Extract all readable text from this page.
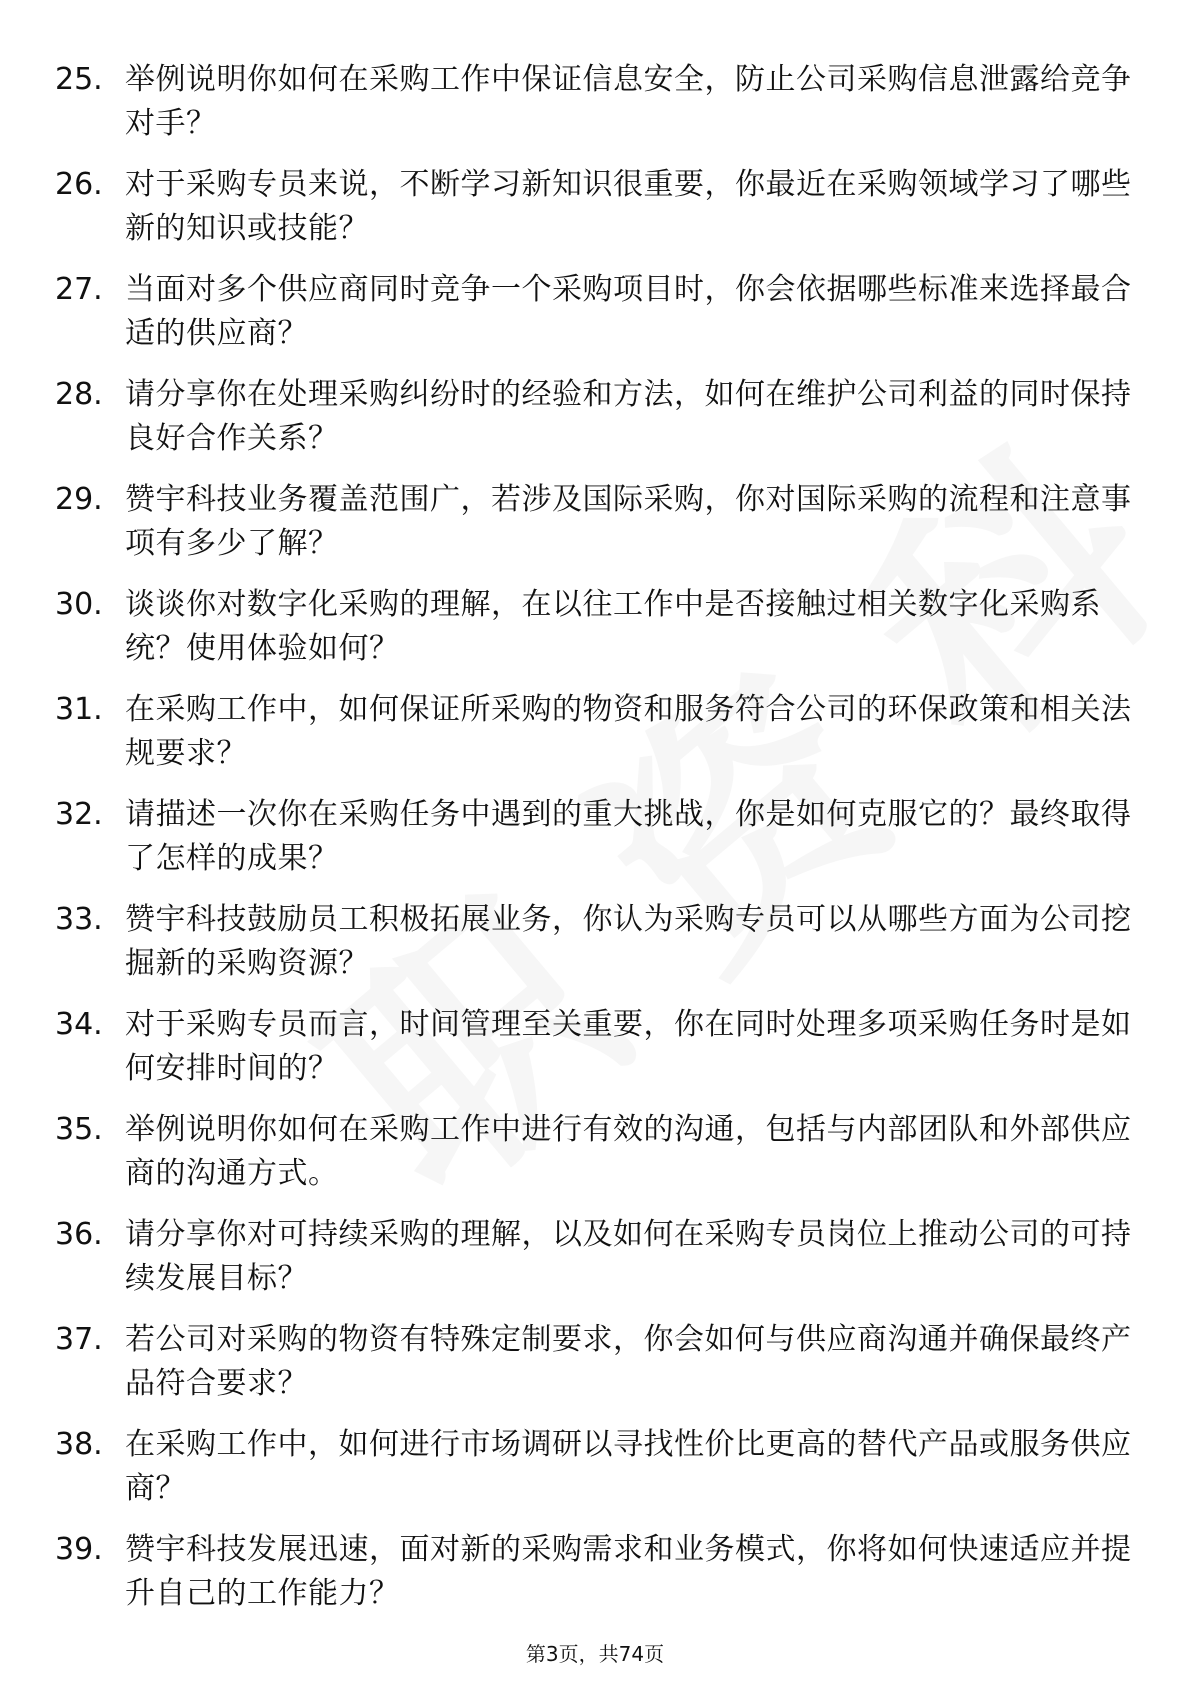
25. 举例说明你如何在采购工作中保证信息安全，防止公司采购信息泄露给竞争对手？
26. 对于采购专员来说，不断学习新知识很重要，你最近在采购领域学习了哪些新的知识或技能？
27. 当面对多个供应商同时竞争一个采购项目时，你会依据哪些标准来选择最合适的供应商？
28. 请分享你在处理采购纠纷时的经验和方法，如何在维护公司利益的同时保持良好合作关系？
29. 赞宇科技业务覆盖范围广，若涉及国际采购，你对国际采购的流程和注意事项有多少了解？
30. 谈谈你对数字化采购的理解，在以往工作中是否接触过相关数字化采购系统？使用体验如何？
31. 在采购工作中，如何保证所采购的物资和服务符合公司的环保政策和相关法规要求？
32. 请描述一次你在采购任务中遇到的重大挑战，你是如何克服它的？最终取得了怎样的成果？
33. 赞宇科技鼓励员工积极拓展业务，你认为采购专员可以从哪些方面为公司挖掘新的采购资源？
34. 对于采购专员而言，时间管理至关重要，你在同时处理多项采购任务时是如何安排时间的？
35. 举例说明你如何在采购工作中进行有效的沟通，包括与内部团队和外部供应商的沟通方式。
36. 请分享你对可持续采购的理解，以及如何在采购专员岗位上推动公司的可持续发展目标？
37. 若公司对采购的物资有特殊定制要求，你会如何与供应商沟通并确保最终产品符合要求？
38. 在采购工作中，如何进行市场调研以寻找性价比更高的替代产品或服务供应商？
39. 赞宇科技发展迅速，面对新的采购需求和业务模式，你将如何快速适应并提升自己的工作能力？
第3页，共74页
